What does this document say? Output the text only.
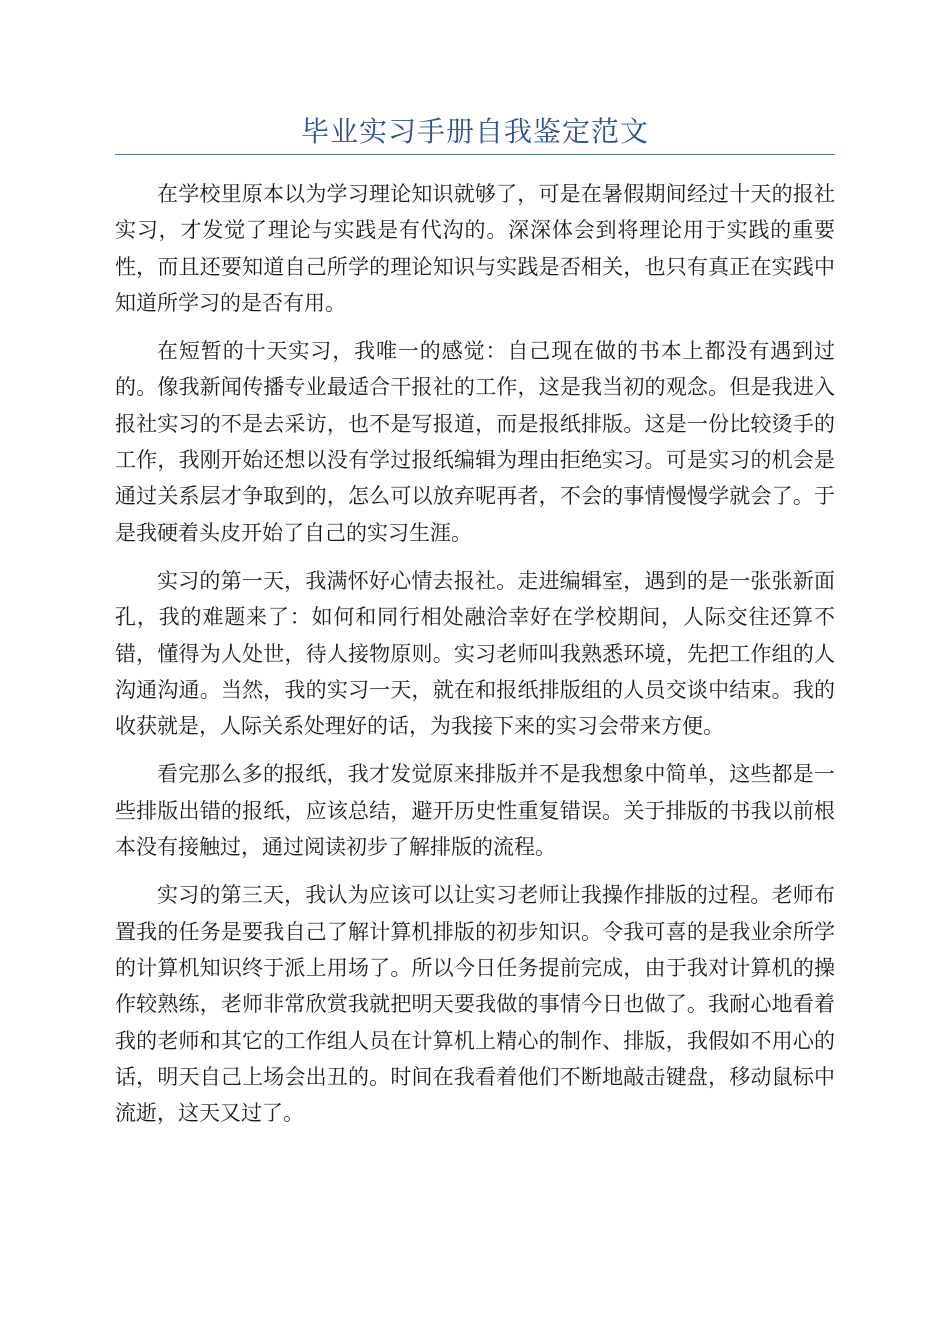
毕业实习手册自我鉴定范文

在学校里原本以为学习理论知识就够了，可是在暑假期间经过十天的报社实习，才发觉了理论与实践是有代沟的。深深体会到将理论用于实践的重要性，而且还要知道自己所学的理论知识与实践是否相关，也只有真正在实践中知道所学习的是否有用。

在短暂的十天实习，我唯一的感觉：自己现在做的书本上都没有遇到过的。像我新闻传播专业最适合干报社的工作，这是我当初的观念。但是我进入报社实习的不是去采访，也不是写报道，而是报纸排版。这是一份比较烫手的工作，我刚开始还想以没有学过报纸编辑为理由拒绝实习。可是实习的机会是通过关系层才争取到的，怎么可以放弃呢再者，不会的事情慢慢学就会了。于是我硬着头皮开始了自己的实习生涯。

实习的第一天，我满怀好心情去报社。走进编辑室，遇到的是一张张新面孔，我的难题来了：如何和同行相处融洽幸好在学校期间，人际交往还算不错，懂得为人处世，待人接物原则。实习老师叫我熟悉环境，先把工作组的人沟通沟通。当然，我的实习一天，就在和报纸排版组的人员交谈中结束。我的收获就是，人际关系处理好的话，为我接下来的实习会带来方便。

看完那么多的报纸，我才发觉原来排版并不是我想象中简单，这些都是一些排版出错的报纸，应该总结，避开历史性重复错误。关于排版的书我以前根本没有接触过，通过阅读初步了解排版的流程。

实习的第三天，我认为应该可以让实习老师让我操作排版的过程。老师布置我的任务是要我自己了解计算机排版的初步知识。令我可喜的是我业余所学的计算机知识终于派上用场了。所以今日任务提前完成，由于我对计算机的操作较熟练，老师非常欣赏我就把明天要我做的事情今日也做了。我耐心地看着我的老师和其它的工作组人员在计算机上精心的制作、排版，我假如不用心的话，明天自己上场会出丑的。时间在我看着他们不断地敲击键盘，移动鼠标中流逝，这天又过了。
